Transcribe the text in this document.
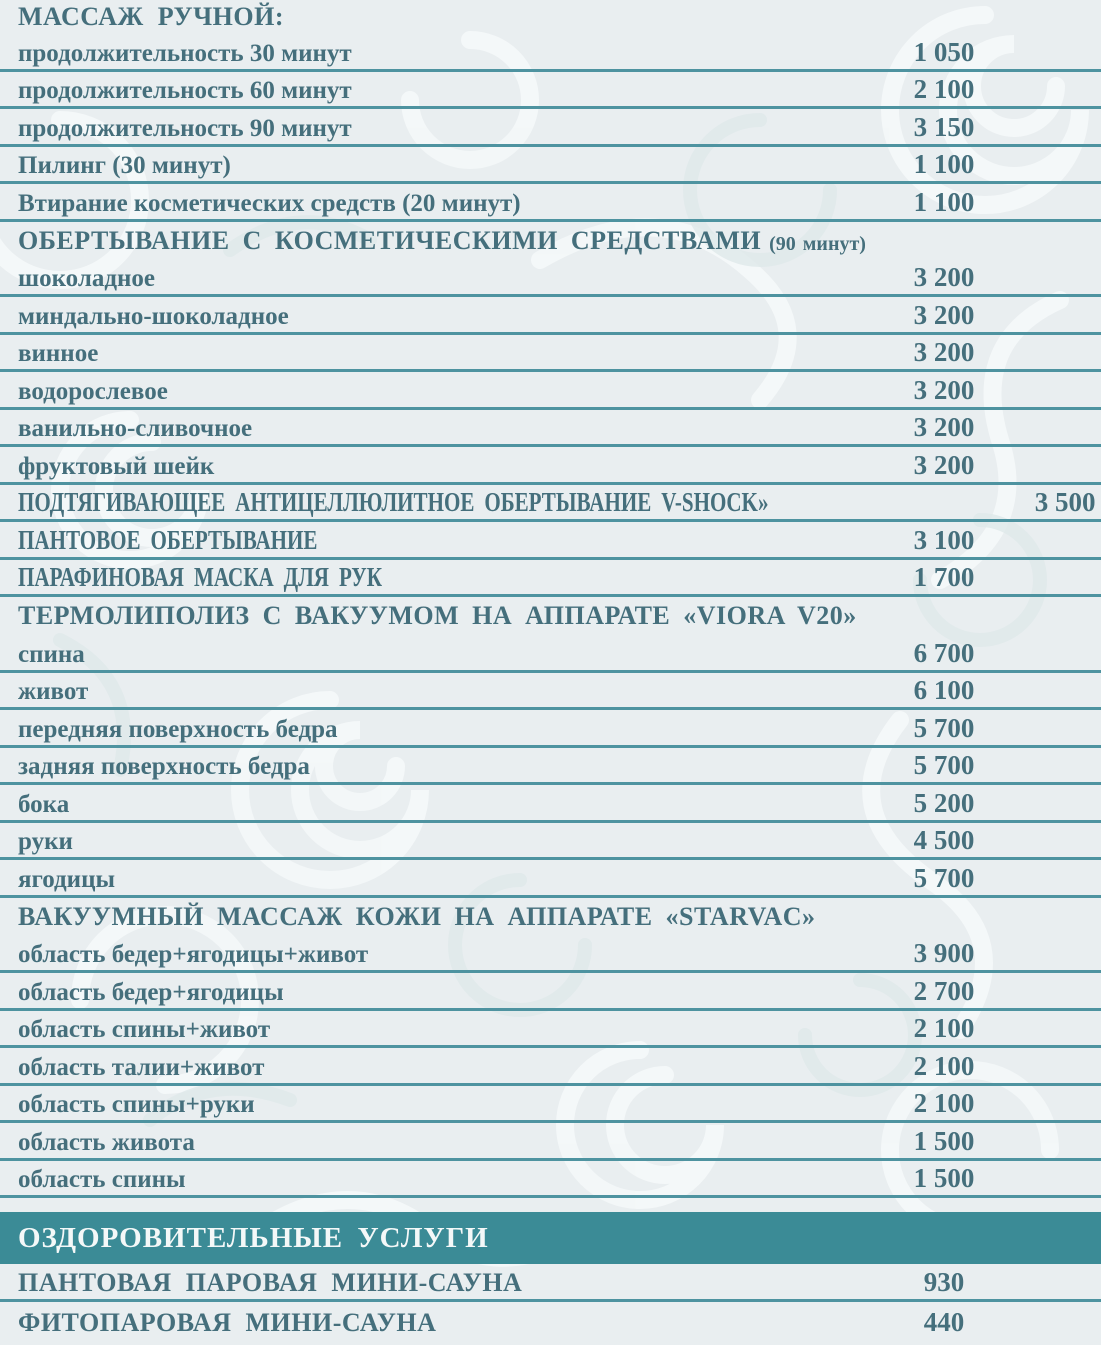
МАССАЖ РУЧНОЙ:
продолжительность 30 минут	1 050
продолжительность 60 минут	2 100
продолжительность 90 минут	3 150
Пилинг (30 минут)	1 100
Втирание косметических средств (20 минут)	1 100
ОБЕРТЫВАНИЕ С КОСМЕТИЧЕСКИМИ СРЕДСТВАМИ (90 минут)
шоколадное	3 200
миндально-шоколадное	3 200
винное	3 200
водорослевое	3 200
ванильно-сливочное	3 200
фруктовый шейк	3 200
ПОДТЯГИВАЮЩЕЕ АНТИЦЕЛЛЮЛИТНОЕ ОБЕРТЫВАНИЕ V-SHOCK»	3 500
ПАНТОВОЕ ОБЕРТЫВАНИЕ	3 100
ПАРАФИНОВАЯ МАСКА ДЛЯ РУК	1 700
ТЕРМОЛИПОЛИЗ С ВАКУУМОМ НА АППАРАТЕ «VIORA V20»
спина	6 700
живот	6 100
передняя поверхность бедра	5 700
задняя поверхность бедра	5 700
бока	5 200
руки	4 500
ягодицы	5 700
ВАКУУМНЫЙ МАССАЖ КОЖИ НА АППАРАТЕ «STARVAC»
область бедер+ягодицы+живот	3 900
область бедер+ягодицы	2 700
область спины+живот	2 100
область талии+живот	2 100
область спины+руки	2 100
область живота	1 500
область спины	1 500
ОЗДОРОВИТЕЛЬНЫЕ УСЛУГИ
ПАНТОВАЯ ПАРОВАЯ МИНИ-САУНА	930
ФИТОПАРОВАЯ МИНИ-САУНА	440
